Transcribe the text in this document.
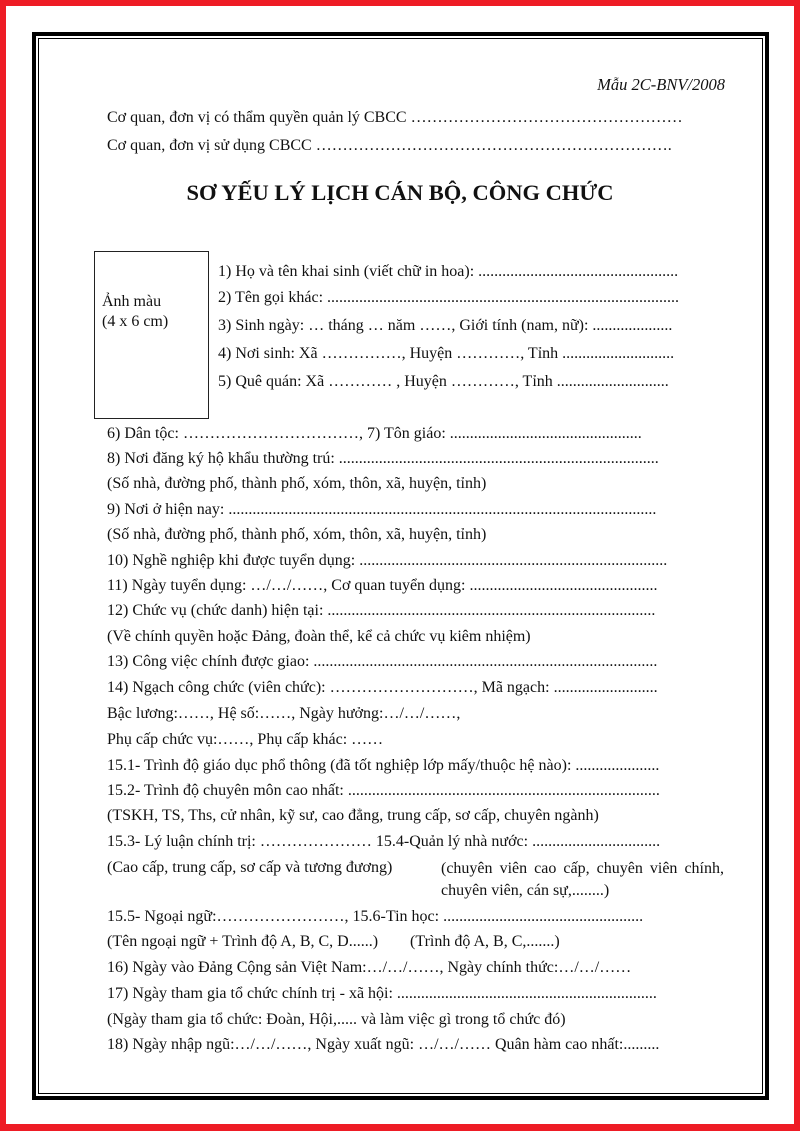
Mẫu 2C-BNV/2008
Cơ quan, đơn vị có thẩm quyền quản lý CBCC ……………………………………………
Cơ quan, đơn vị sử dụng CBCC ………………………………………………………….
SƠ YẾU LÝ LỊCH CÁN BỘ, CÔNG CHỨC
Ảnh màu
(4 x 6 cm)
1) Họ và tên khai sinh (viết chữ in hoa): ..................................................
2) Tên gọi khác: ........................................................................................
3) Sinh ngày: … tháng … năm ……, Giới tính (nam, nữ): ....................
4) Nơi sinh: Xã ……………, Huyện …………, Tỉnh ............................
5) Quê quán: Xã ………… , Huyện …………, Tỉnh ............................
6) Dân tộc: ……………………………, 7) Tôn giáo: ................................................
8) Nơi đăng ký hộ khẩu thường trú: ................................................................................
(Số nhà, đường phố, thành phố, xóm, thôn, xã, huyện, tỉnh)
9) Nơi ở hiện nay: ...........................................................................................................
(Số nhà, đường phố, thành phố, xóm, thôn, xã, huyện, tỉnh)
10) Nghề nghiệp khi được tuyển dụng: .............................................................................
11) Ngày tuyển dụng: …/…/……, Cơ quan tuyển dụng: ...............................................
12) Chức vụ (chức danh) hiện tại: ..................................................................................
(Về chính quyền hoặc Đảng, đoàn thể, kể cả chức vụ kiêm nhiệm)
13) Công việc chính được giao: ......................................................................................
14) Ngạch công chức (viên chức): ………………………, Mã ngạch: ..........................
Bậc lương:……, Hệ số:……, Ngày hưởng:…/…/……,
Phụ cấp chức vụ:……, Phụ cấp khác: ……
15.1- Trình độ giáo dục phổ thông (đã tốt nghiệp lớp mấy/thuộc hệ nào): .....................
15.2- Trình độ chuyên môn cao nhất: ..............................................................................
(TSKH, TS, Ths, cử nhân, kỹ sư, cao đẳng, trung cấp, sơ cấp, chuyên ngành)
15.3- Lý luận chính trị: ………………… 15.4-Quản lý nhà nước: ................................
(Cao cấp, trung cấp, sơ cấp và tương đương)	(chuyên viên cao cấp, chuyên viên chính, chuyên viên, cán sự,........)
15.5- Ngoại ngữ:……………………, 15.6-Tin học: ..................................................
(Tên ngoại ngữ + Trình độ A, B, C, D......)        (Trình độ A, B, C,.......)
16) Ngày vào Đảng Cộng sản Việt Nam:…/…/……, Ngày chính thức:…/…/……
17) Ngày tham gia tổ chức chính trị - xã hội: .................................................................
(Ngày tham gia tổ chức: Đoàn, Hội,..... và làm việc gì trong tổ chức đó)
18) Ngày nhập ngũ:…/…/……, Ngày xuất ngũ: …/…/…… Quân hàm cao nhất:.........
